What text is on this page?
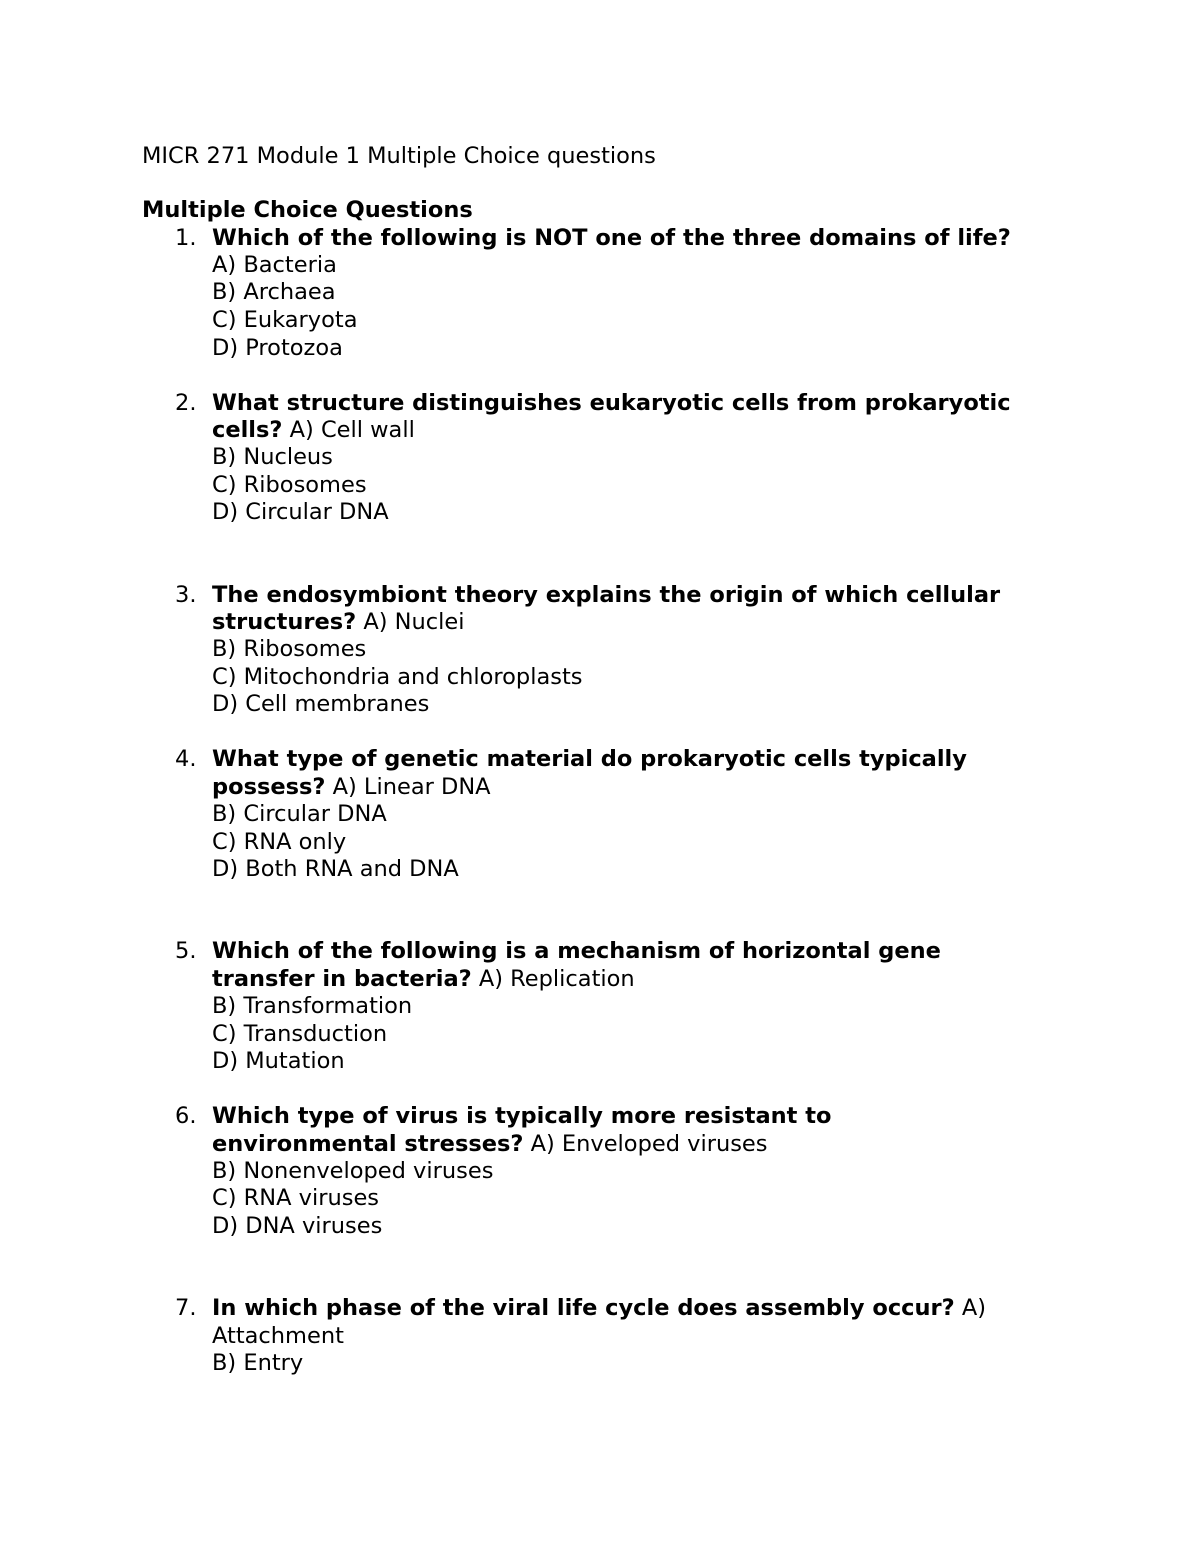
MICR 271 Module 1 Multiple Choice questions
Multiple Choice Questions
1. Which of the following is NOT one of the three domains of life?
A) Bacteria
B) Archaea
C) Eukaryota
D) Protozoa
2. What structure distinguishes eukaryotic cells from prokaryotic
cells? A) Cell wall
B) Nucleus
C) Ribosomes
D) Circular DNA
3. The endosymbiont theory explains the origin of which cellular
structures? A) Nuclei
B) Ribosomes
C) Mitochondria and chloroplasts
D) Cell membranes
4. What type of genetic material do prokaryotic cells typically
possess? A) Linear DNA
B) Circular DNA
C) RNA only
D) Both RNA and DNA
5. Which of the following is a mechanism of horizontal gene
transfer in bacteria? A) Replication
B) Transformation
C) Transduction
D) Mutation
6. Which type of virus is typically more resistant to
environmental stresses? A) Enveloped viruses
B) Nonenveloped viruses
C) RNA viruses
D) DNA viruses
7. In which phase of the viral life cycle does assembly occur? A)
Attachment
B) Entry
